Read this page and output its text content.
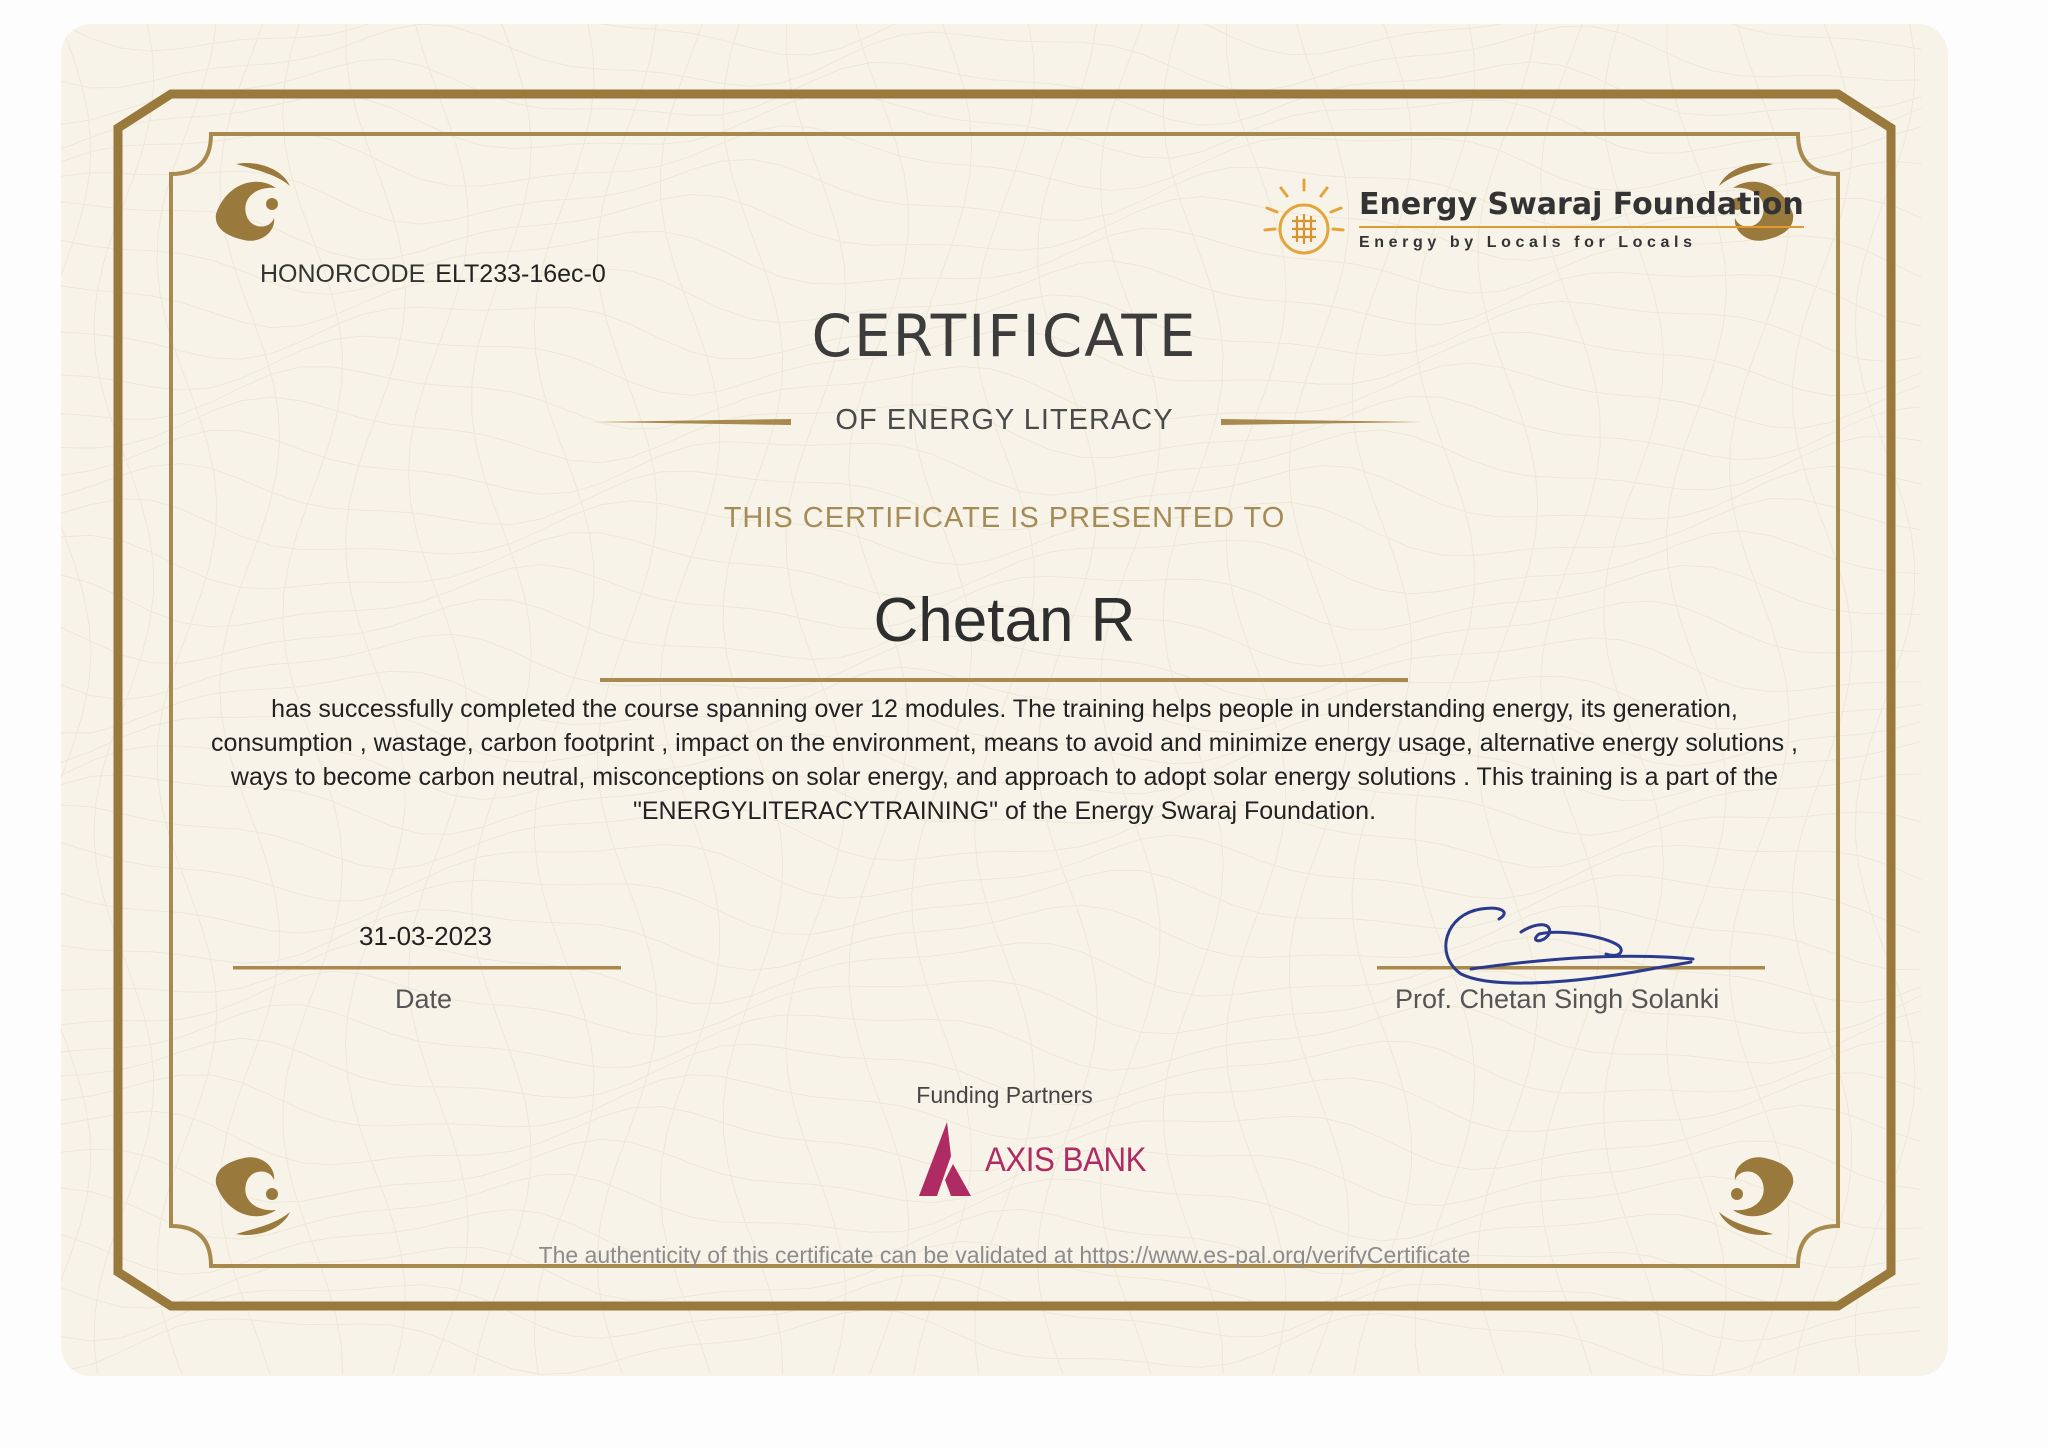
HONORCODE ELT233-16ec-0
Energy Swaraj Foundation
Energy by Locals for Locals
CERTIFICATE
OF ENERGY LITERACY
THIS CERTIFICATE IS PRESENTED TO
Chetan R
has successfully completed the course spanning over 12 modules. The training helps people in understanding energy, its generation, consumption , wastage, carbon footprint , impact on the environment, means to avoid and minimize energy usage, alternative energy solutions , ways to become carbon neutral, misconceptions on solar energy, and approach to adopt solar energy solutions . This training is a part of the "ENERGYLITERACYTRAINING" of the Energy Swaraj Foundation.
31-03-2023
Date	Prof. Chetan Singh Solanki
Funding Partners
AXIS BANK
The authenticity of this certificate can be validated at https://www.es-pal.org/verifyCertificate
